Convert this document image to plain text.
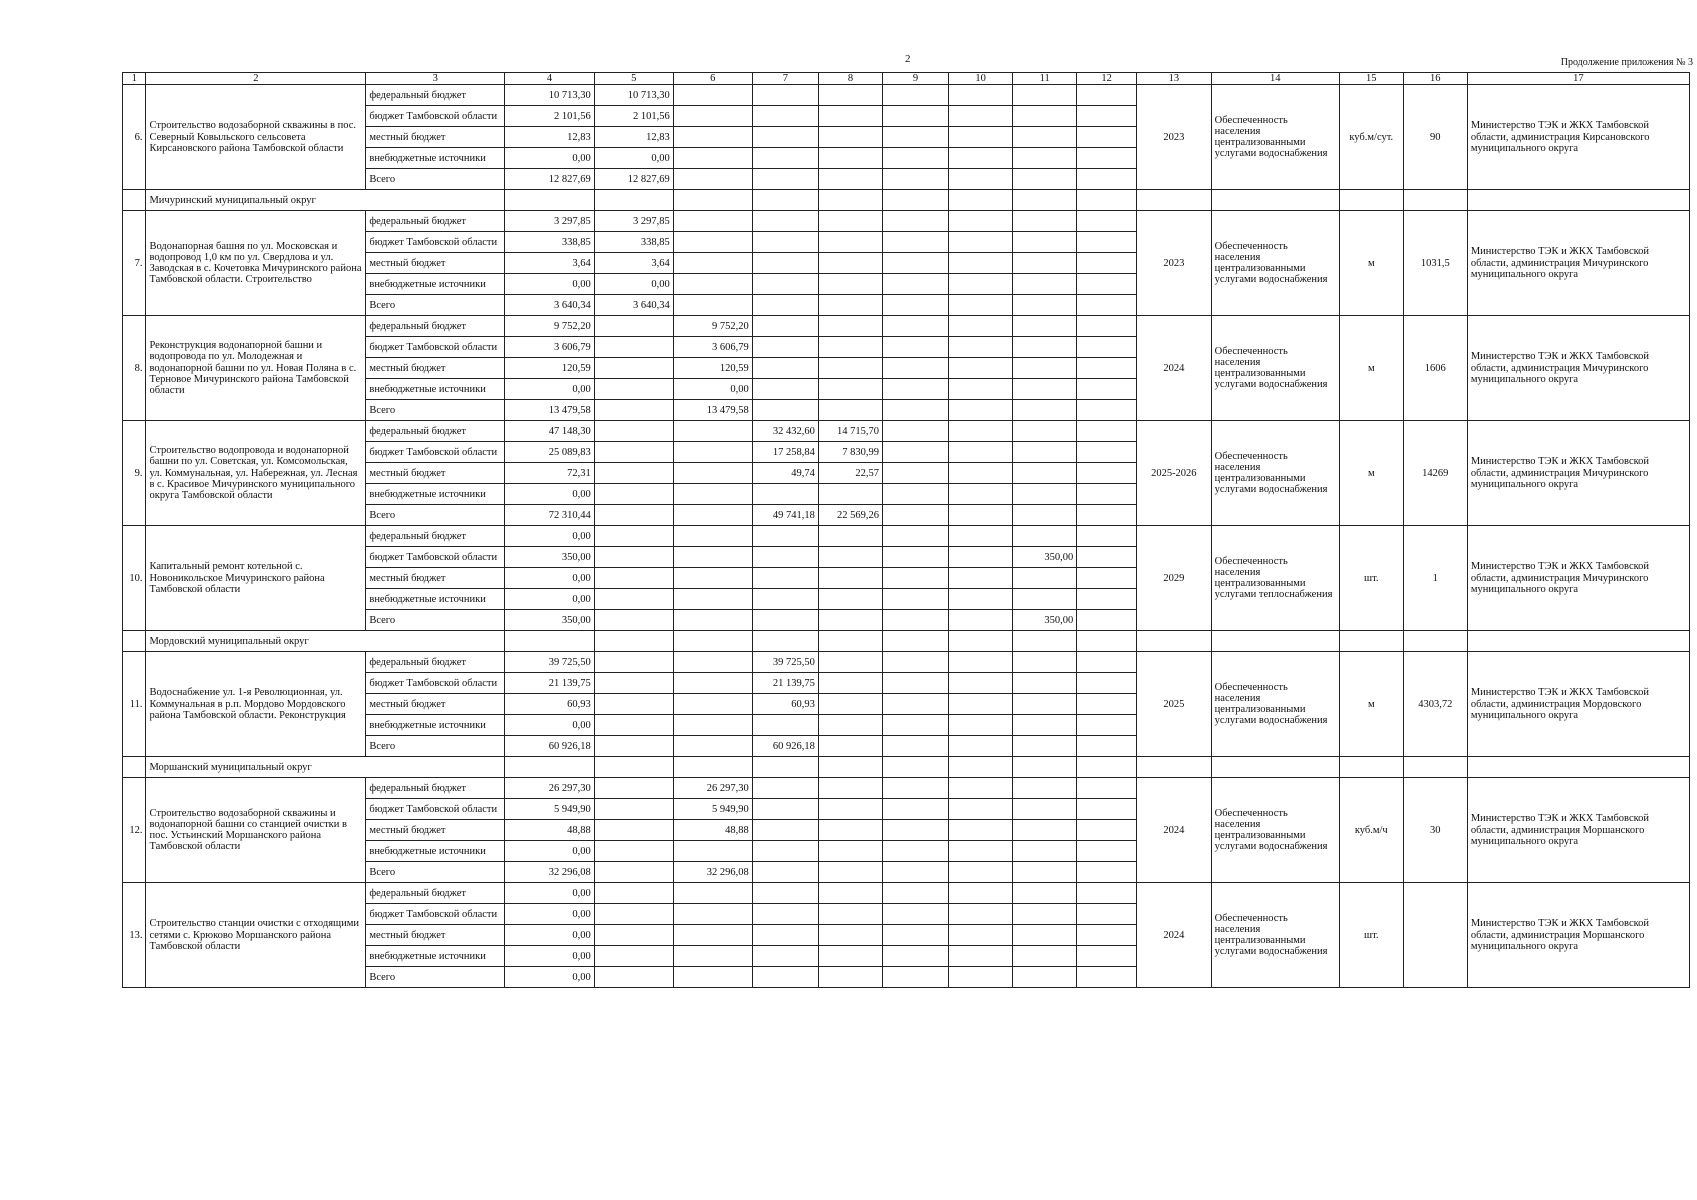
2	Продолжение приложения № 3
1	2	3	4	5	6	7	8	9	10	11	12	13	14	15	16	17
6.	Строительство водозаборной скважины в пос. Северный Ковыльского сельсовета Кирсановского района Тамбовской области	федеральный бюджет	10 713,30	10 713,30								2023	Обеспеченность населения централизованными услугами водоснабжения	куб.м/сут.	90	Министерство ТЭК и ЖКХ Тамбовской области, администрация Кирсановского муниципального округа
		бюджет Тамбовской области	2 101,56	2 101,56												
		местный бюджет	12,83	12,83												
		внебюджетные источники	0,00	0,00												
		Всего	12 827,69	12 827,69												
	Мичуринский муниципальный округ															
7.	Водонапорная башня по ул. Московская и водопровод 1,0 км по ул. Свердлова и ул. Заводская в с. Кочетовка Мичуринского района Тамбовской области. Строительство	федеральный бюджет	3 297,85	3 297,85								2023	Обеспеченность населения централизованными услугами водоснабжения	м	1031,5	Министерство ТЭК и ЖКХ Тамбовской области, администрация Мичуринского муниципального округа
		бюджет Тамбовской области	338,85	338,85												
		местный бюджет	3,64	3,64												
		внебюджетные источники	0,00	0,00												
		Всего	3 640,34	3 640,34												
8.	Реконструкция водонапорной башни и водопровода по ул. Молодежная и водонапорной башни по ул. Новая Поляна в с. Терновое Мичуринского района Тамбовской области	федеральный бюджет	9 752,20		9 752,20							2024	Обеспеченность населения централизованными услугами водоснабжения	м	1606	Министерство ТЭК и ЖКХ Тамбовской области, администрация Мичуринского муниципального округа
		бюджет Тамбовской области	3 606,79		3 606,79											
		местный бюджет	120,59		120,59											
		внебюджетные источники	0,00		0,00											
		Всего	13 479,58		13 479,58											
9.	Строительство водопровода и водонапорной башни по ул. Советская, ул. Комсомольская, ул. Коммунальная, ул. Набережная, ул. Лесная в с. Красивое Мичуринского муниципального округа Тамбовской области	федеральный бюджет	47 148,30			32 432,60	14 715,70					2025-2026	Обеспеченность населения централизованными услугами водоснабжения	м	14269	Министерство ТЭК и ЖКХ Тамбовской области, администрация Мичуринского муниципального округа
		бюджет Тамбовской области	25 089,83			17 258,84	7 830,99									
		местный бюджет	72,31			49,74	22,57									
		внебюджетные источники	0,00													
		Всего	72 310,44			49 741,18	22 569,26									
10.	Капитальный ремонт котельной с. Новоникольское Мичуринского района Тамбовской области	федеральный бюджет	0,00									2029	Обеспеченность населения централизованными услугами теплоснабжения	шт.	1	Министерство ТЭК и ЖКХ Тамбовской области, администрация Мичуринского муниципального округа
		бюджет Тамбовской области	350,00							350,00						
		местный бюджет	0,00													
		внебюджетные источники	0,00													
		Всего	350,00							350,00						
	Мордовский муниципальный округ															
11.	Водоснабжение ул. 1-я Революционная, ул. Коммунальная в р.п. Мордово Мордовского района Тамбовской области. Реконструкция	федеральный бюджет	39 725,50			39 725,50						2025	Обеспеченность населения централизованными услугами водоснабжения	м	4303,72	Министерство ТЭК и ЖКХ Тамбовской области, администрация Мордовского муниципального округа
		бюджет Тамбовской области	21 139,75			21 139,75										
		местный бюджет	60,93			60,93										
		внебюджетные источники	0,00													
		Всего	60 926,18			60 926,18										
	Моршанский муниципальный округ															
12.	Строительство водозаборной скважины и водонапорной башни со станцией очистки в пос. Устьинский Моршанского района Тамбовской области	федеральный бюджет	26 297,30		26 297,30							2024	Обеспеченность населения централизованными услугами водоснабжения	куб.м/ч	30	Министерство ТЭК и ЖКХ Тамбовской области, администрация Моршанского муниципального округа
		бюджет Тамбовской области	5 949,90		5 949,90											
		местный бюджет	48,88		48,88											
		внебюджетные источники	0,00													
		Всего	32 296,08		32 296,08											
13.	Строительство станции очистки с отходящими сетями с. Крюково Моршанского района Тамбовской области	федеральный бюджет	0,00									2024	Обеспеченность населения централизованными услугами водоснабжения	шт.		Министерство ТЭК и ЖКХ Тамбовской области, администрация Моршанского муниципального округа
		бюджет Тамбовской области	0,00													
		местный бюджет	0,00													
		внебюджетные источники	0,00													
		Всего	0,00													
